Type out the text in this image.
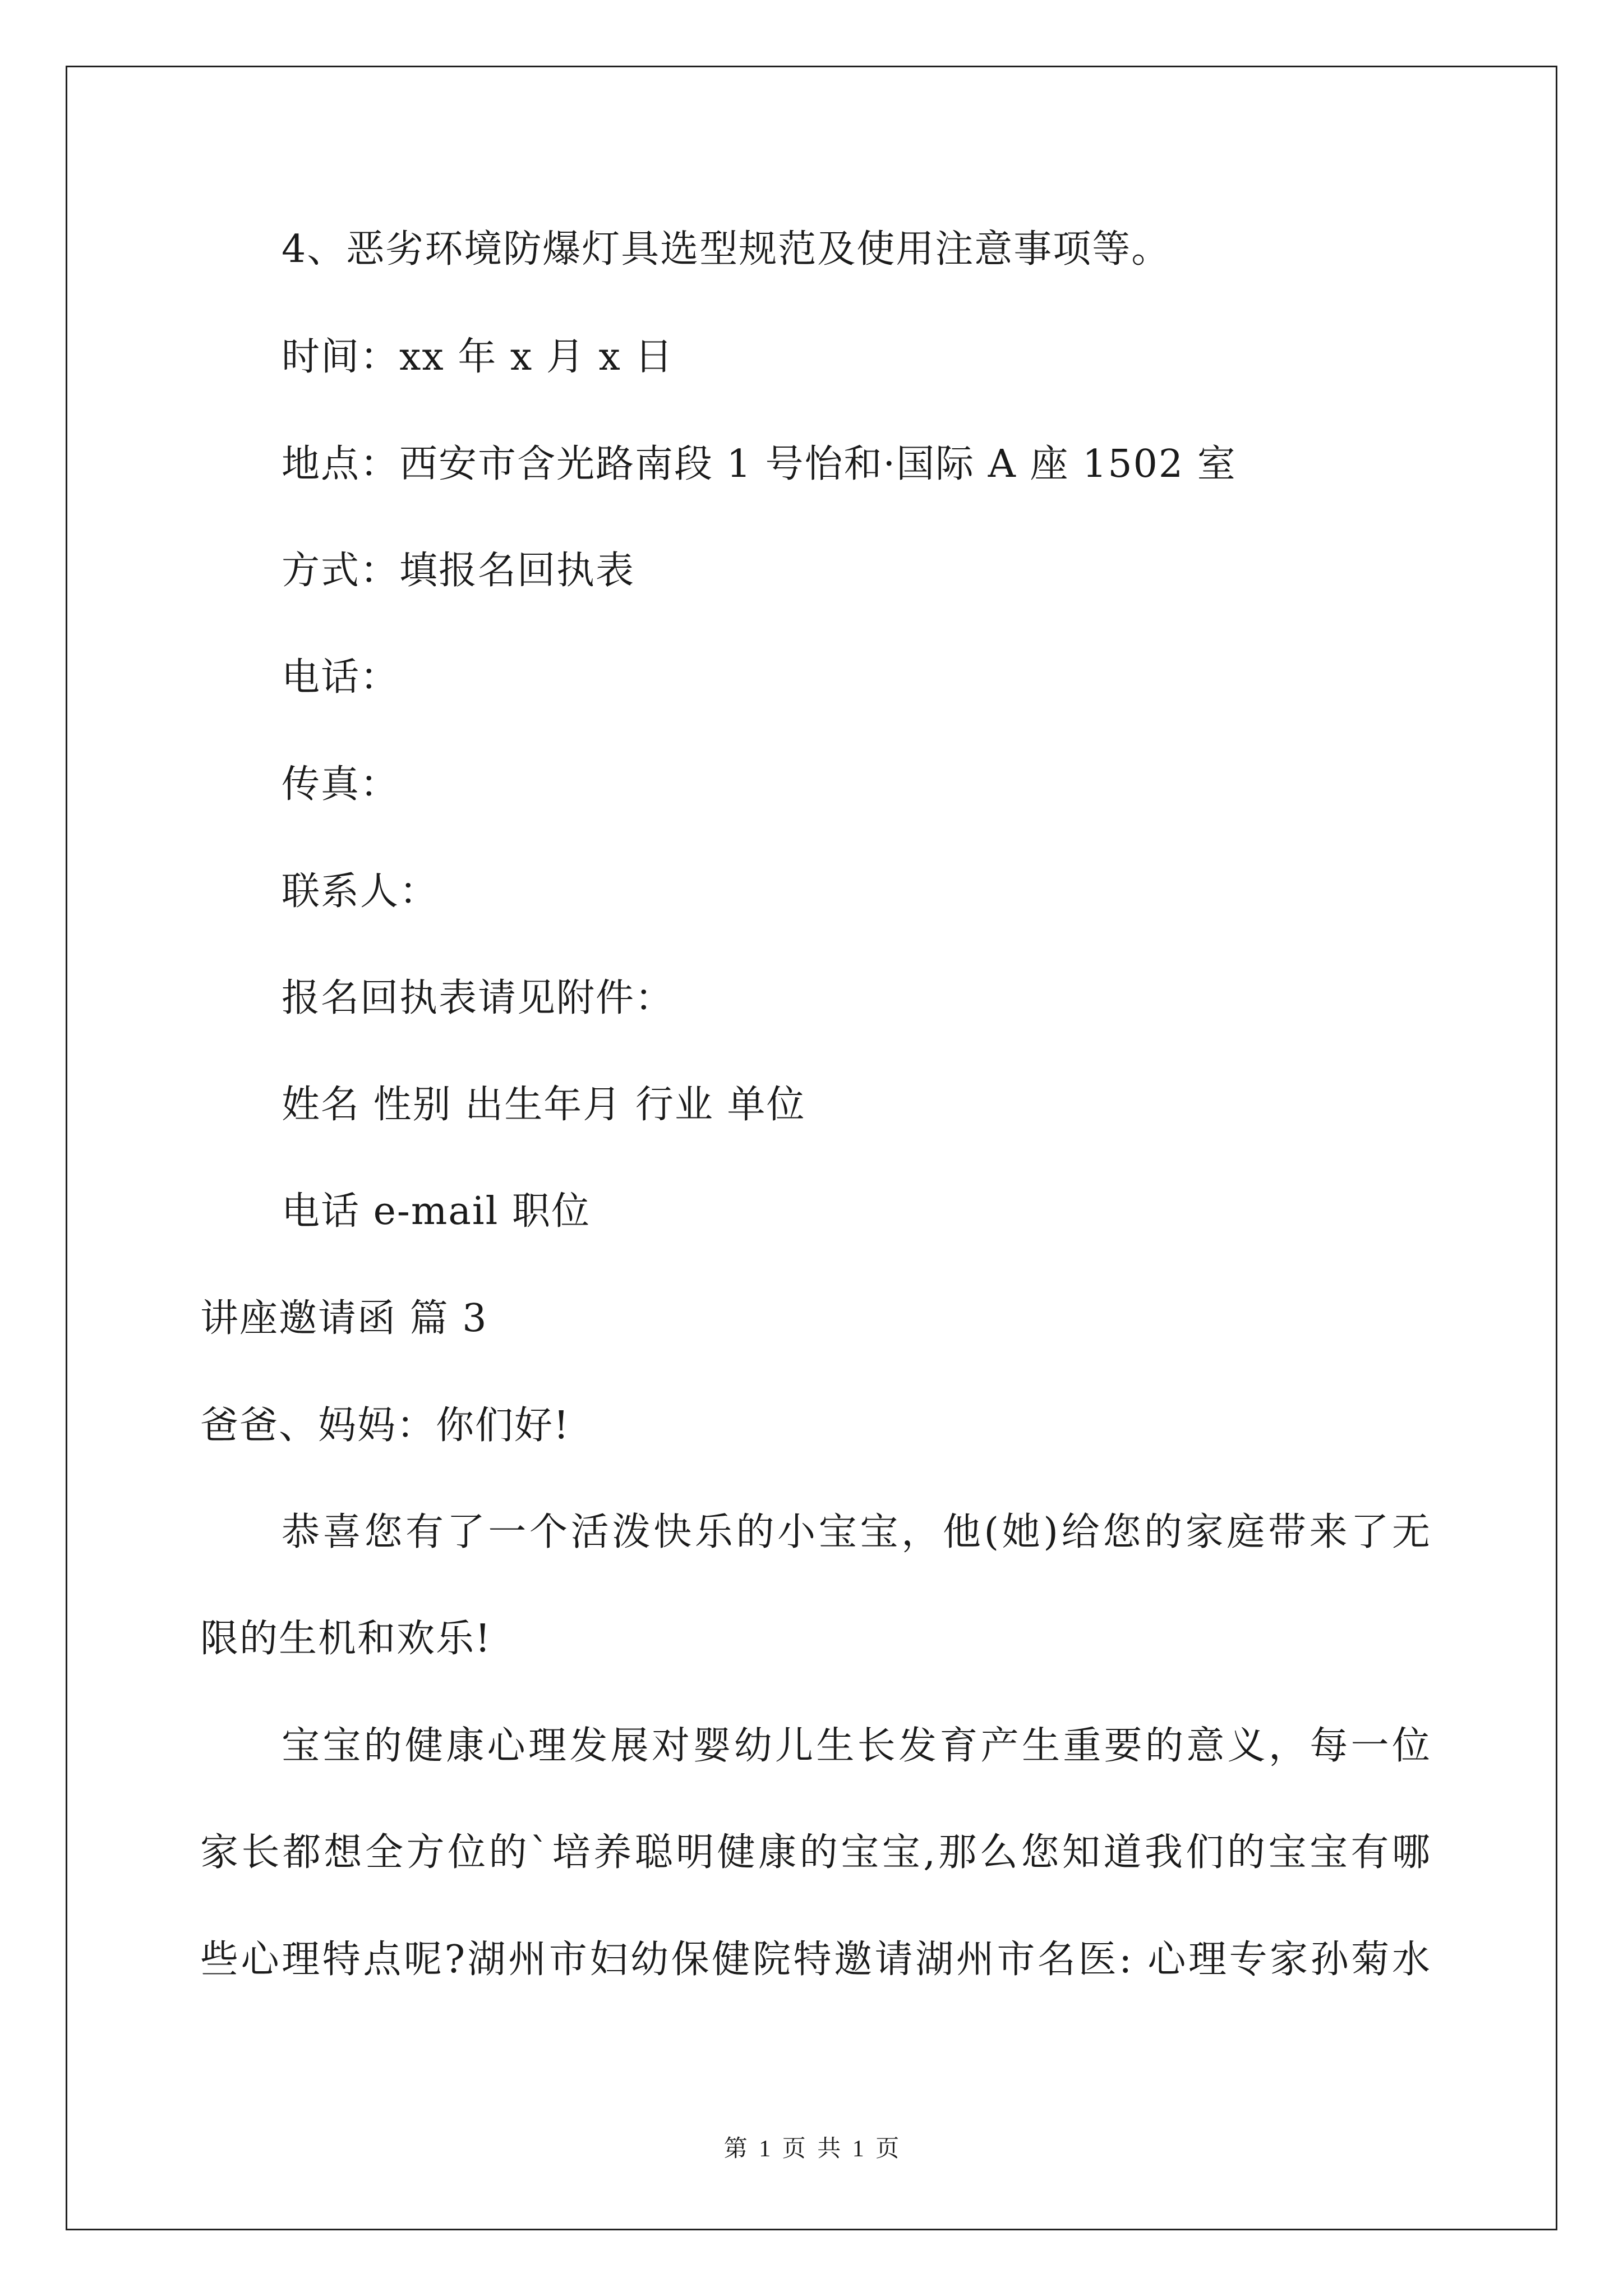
4、恶劣环境防爆灯具选型规范及使用注意事项等。
时间：xx 年 x 月 x 日
地点：西安市含光路南段 1 号怡和·国际 A 座 1502 室
方式：填报名回执表
电话：
传真：
联系人：
报名回执表请见附件：
姓名 性别 出生年月 行业 单位
电话 e-mail 职位
讲座邀请函 篇 3
爸爸、妈妈：你们好!
恭喜您有了一个活泼快乐的小宝宝，他(她)给您的家庭带来了无
限的生机和欢乐!
宝宝的健康心理发展对婴幼儿生长发育产生重要的意义，每一位
家长都想全方位的`培养聪明健康的宝宝,那么您知道我们的宝宝有哪
些心理特点呢?湖州市妇幼保健院特邀请湖州市名医: 心理专家孙菊水
第 1 页 共 1 页
